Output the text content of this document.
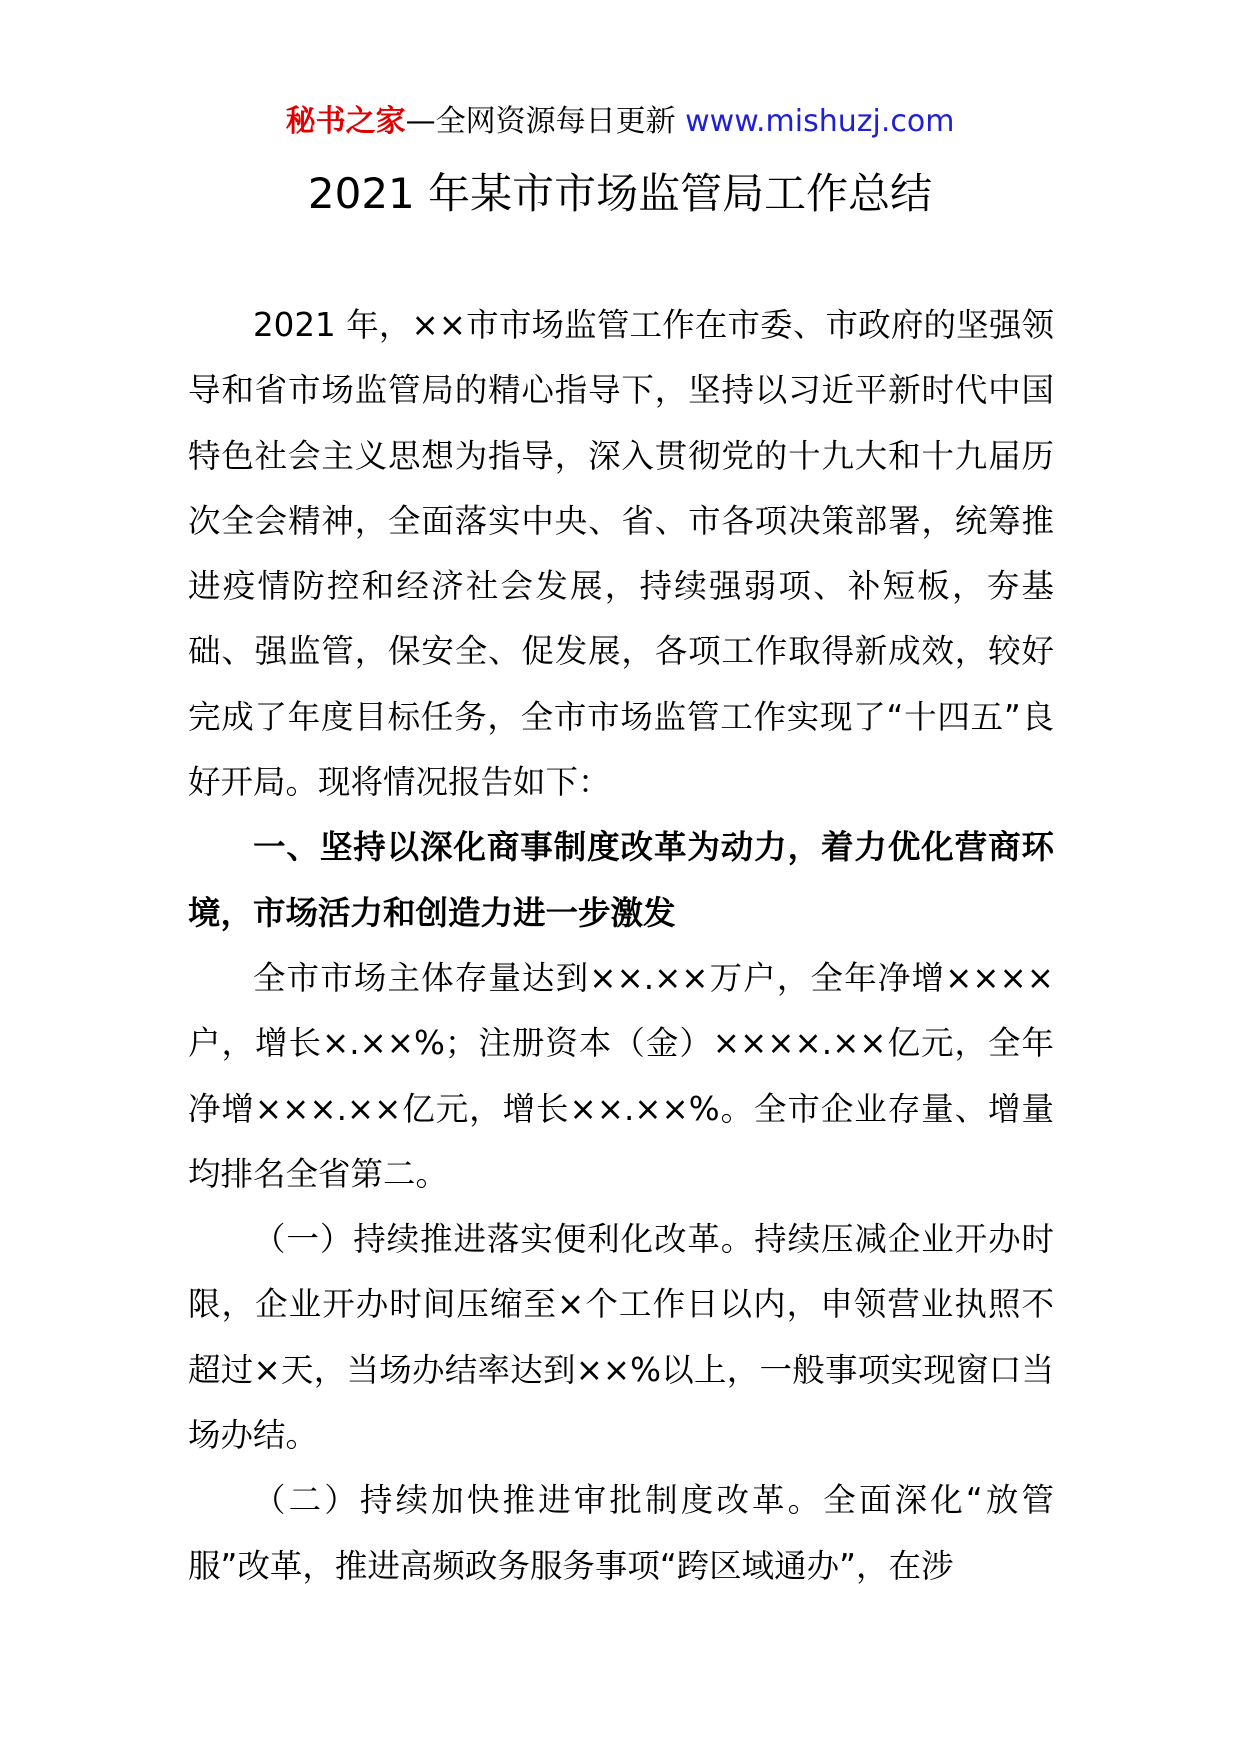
秘书之家—全网资源每日更新 www.mishuzj.com
2021 年某市市场监管局工作总结

2021 年，××市市场监管工作在市委、市政府的坚强领导和省市场监管局的精心指导下，坚持以习近平新时代中国特色社会主义思想为指导，深入贯彻党的十九大和十九届历次全会精神，全面落实中央、省、市各项决策部署，统筹推进疫情防控和经济社会发展，持续强弱项、补短板，夯基础、强监管，保安全、促发展，各项工作取得新成效，较好完成了年度目标任务，全市市场监管工作实现了“十四五”良好开局。现将情况报告如下：

一、坚持以深化商事制度改革为动力，着力优化营商环境，市场活力和创造力进一步激发

全市市场主体存量达到××.××万户，全年净增××××户，增长×.××%；注册资本（金）××××.××亿元，全年净增×××.××亿元，增长××.××%。全市企业存量、增量均排名全省第二。

（一）持续推进落实便利化改革。持续压减企业开办时限，企业开办时间压缩至×个工作日以内，申领营业执照不超过×天，当场办结率达到××%以上，一般事项实现窗口当场办结。

（二）持续加快推进审批制度改革。全面深化“放管服”改革，推进高频政务服务事项“跨区域通办”，在涉
